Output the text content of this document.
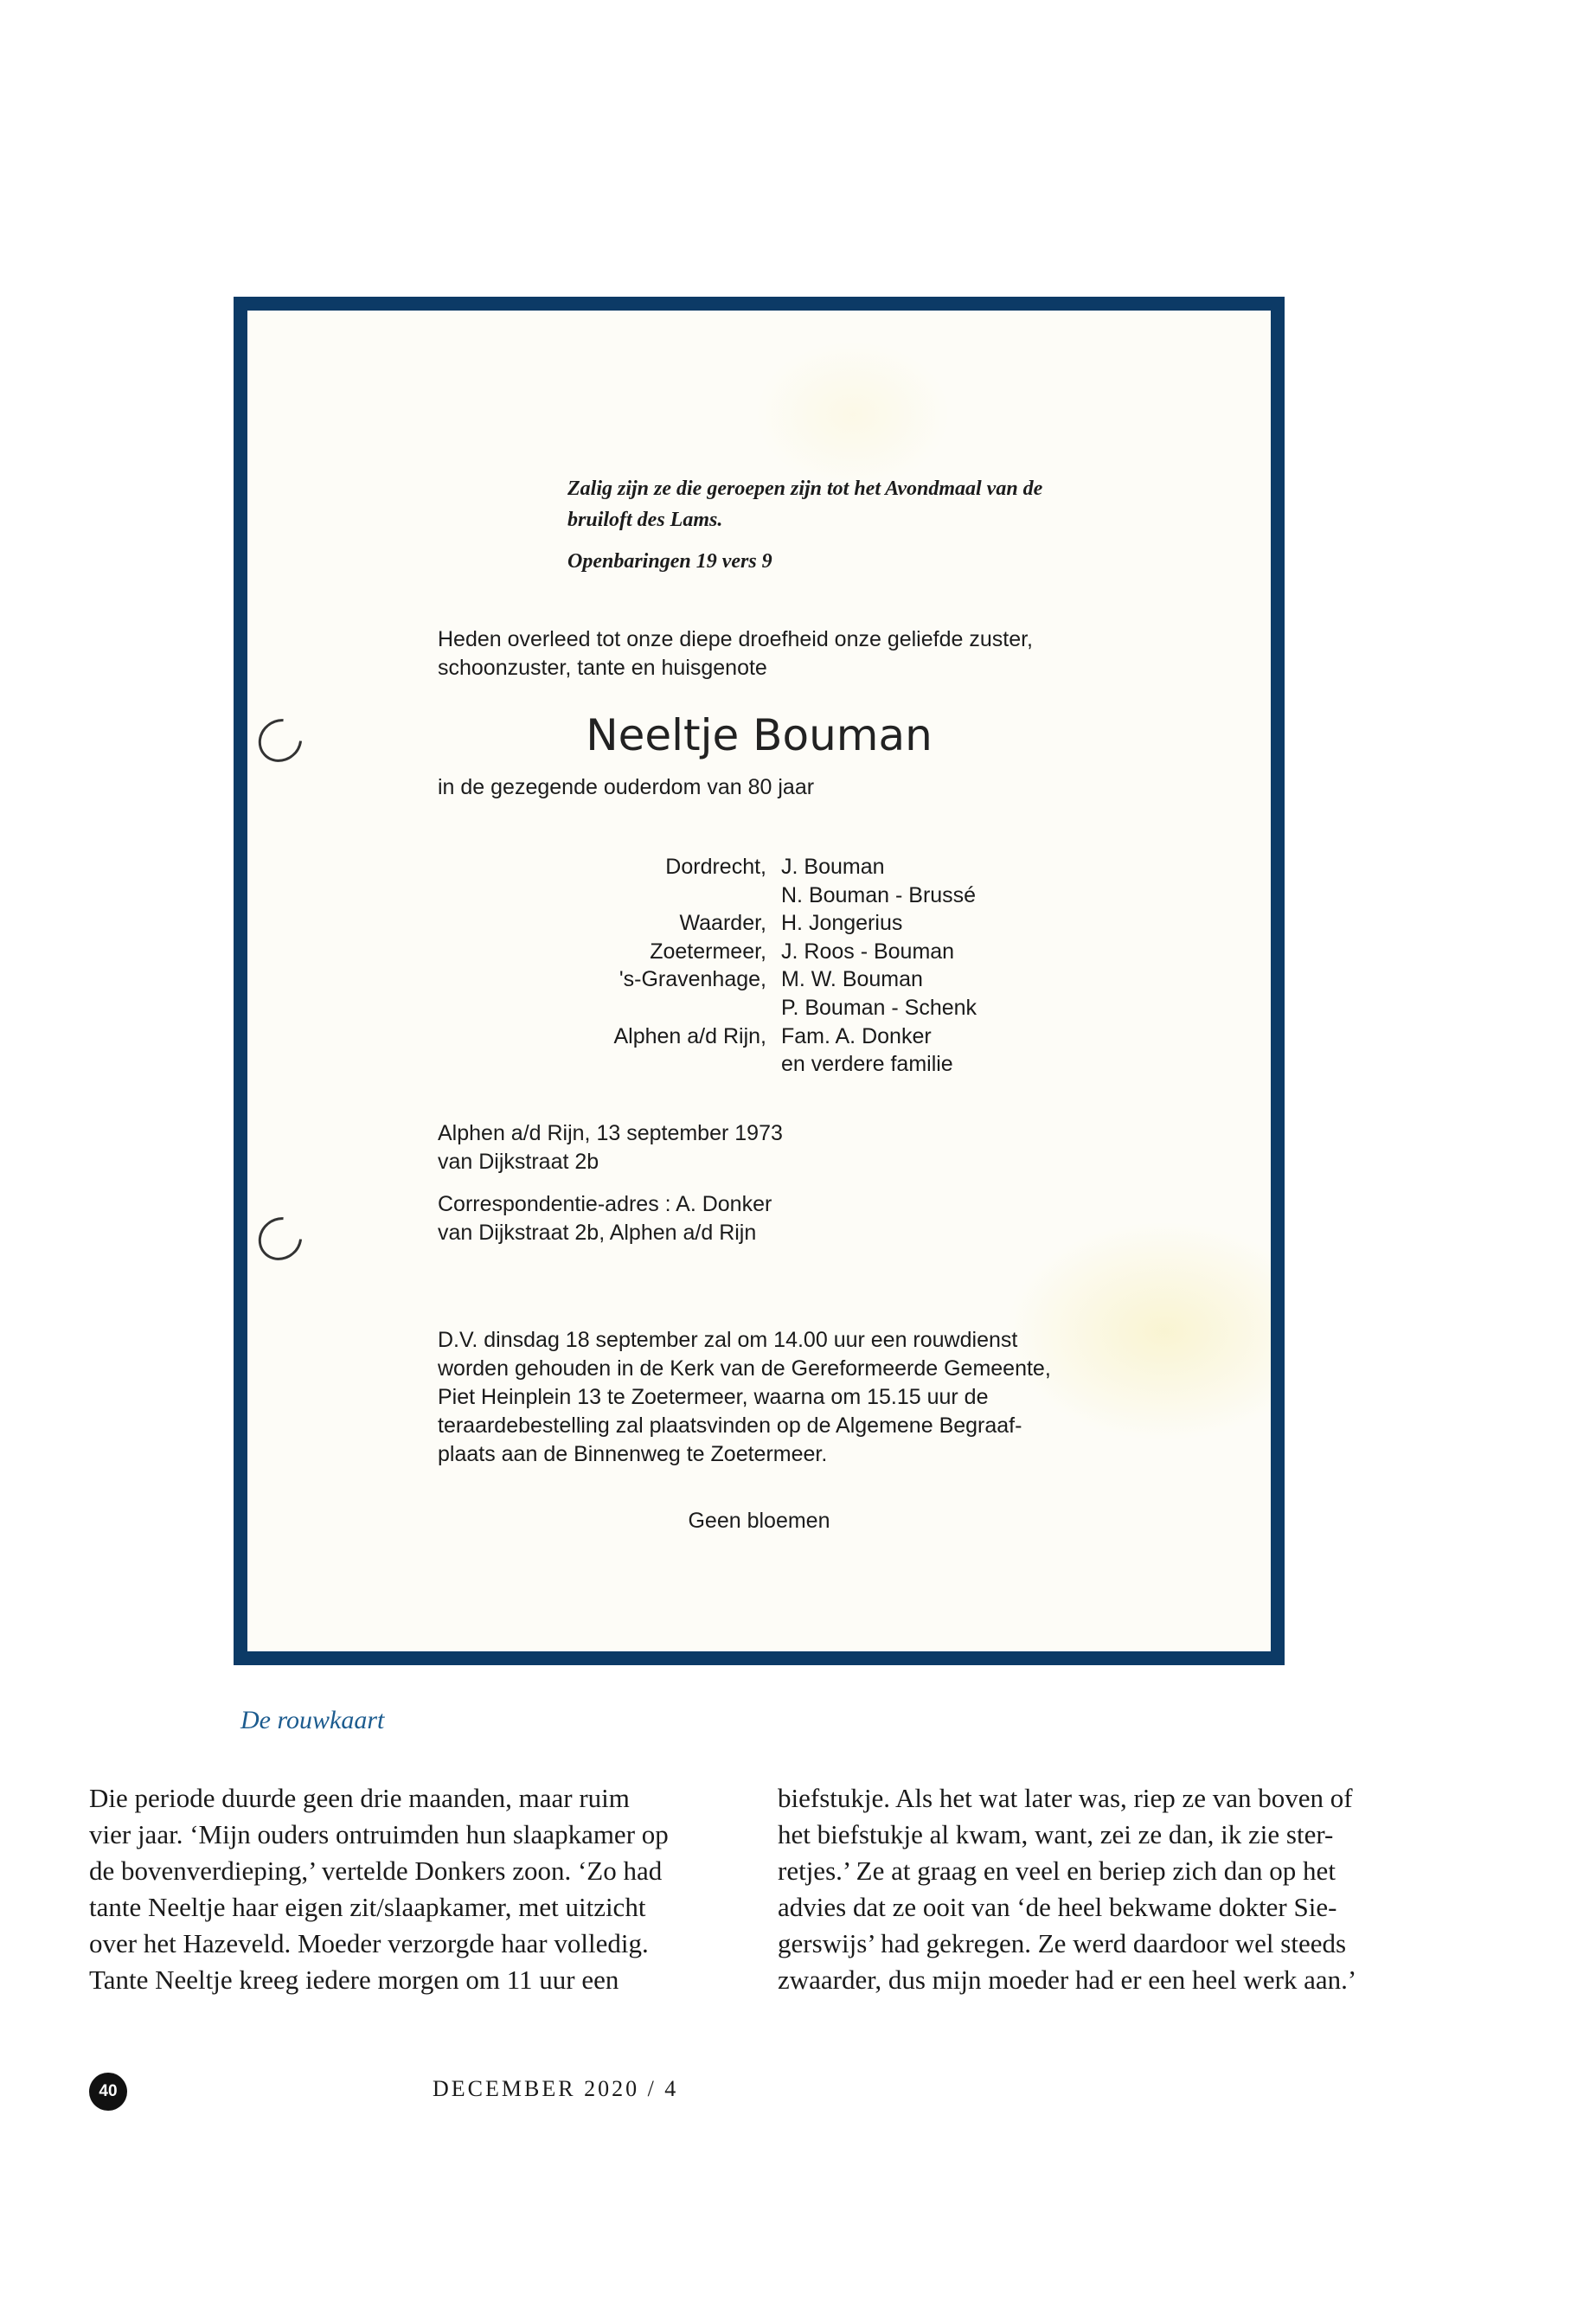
Zalig zijn ze die geroepen zijn tot het Avondmaal van de
bruiloft des Lams.
Openbaringen 19 vers 9
Heden overleed tot onze diepe droefheid onze geliefde zuster,
schoonzuster, tante en huisgenote
Neeltje Bouman
in de gezegende ouderdom van 80 jaar
Dordrecht,
Waarder,
Zoetermeer,
's-Gravenhage,
Alphen a/d Rijn,
J. Bouman
N. Bouman - Brussé
H. Jongerius
J. Roos - Bouman
M. W. Bouman
P. Bouman - Schenk
Fam. A. Donker
en verdere familie
Alphen a/d Rijn, 13 september 1973
van Dijkstraat 2b
Correspondentie-adres : A. Donker
van Dijkstraat 2b, Alphen a/d Rijn
D.V. dinsdag 18 september zal om 14.00 uur een rouwdienst
worden gehouden in de Kerk van de Gereformeerde Gemeente,
Piet Heinplein 13 te Zoetermeer, waarna om 15.15 uur de
teraardebestelling zal plaatsvinden op de Algemene Begraaf-
plaats aan de Binnenweg te Zoetermeer.
Geen bloemen
De rouwkaart
Die periode duurde geen drie maanden, maar ruim
vier jaar. ‘Mijn ouders ontruimden hun slaapkamer op
de bovenverdieping,’ vertelde Donkers zoon. ‘Zo had
tante Neeltje haar eigen zit/slaapkamer, met uitzicht
over het Hazeveld. Moeder verzorgde haar volledig.
Tante Neeltje kreeg iedere morgen om 11 uur een
biefstukje. Als het wat later was, riep ze van boven of
het biefstukje al kwam, want, zei ze dan, ik zie ster-
retjes.’ Ze at graag en veel en beriep zich dan op het
advies dat ze ooit van ‘de heel bekwame dokter Sie-
gerswijs’ had gekregen. Ze werd daardoor wel steeds
zwaarder, dus mijn moeder had er een heel werk aan.’
40	DECEMBER 2020 / 4
